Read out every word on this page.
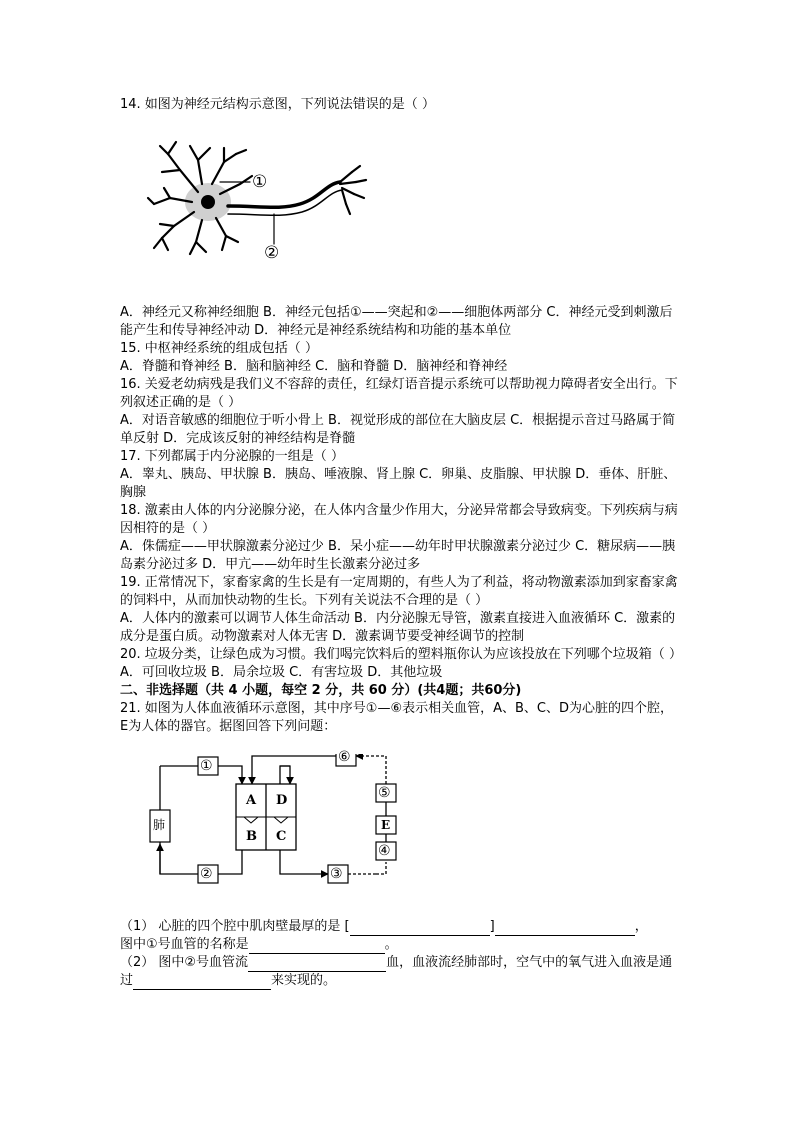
14. 如图为神经元结构示意图，下列说法错误的是（ ）

①
②

A．神经元又称神经细胞 B．神经元包括①——突起和②——细胞体两部分 C．神经元受到刺激后能产生和传导神经冲动 D．神经元是神经系统结构和功能的基本单位

15. 中枢神经系统的组成包括（ ）

A．脊髓和脊神经 B．脑和脑神经 C．脑和脊髓 D．脑神经和脊神经

16. 关爱老幼病残是我们义不容辞的责任，红绿灯语音提示系统可以帮助视力障碍者安全出行。下列叙述正确的是（ ）

A．对语音敏感的细胞位于听小骨上 B．视觉形成的部位在大脑皮层 C．根据提示音过马路属于简单反射 D．完成该反射的神经结构是脊髓

17. 下列都属于内分泌腺的一组是（ ）

A．睾丸、胰岛、甲状腺 B．胰岛、唾液腺、肾上腺 C．卵巢、皮脂腺、甲状腺 D．垂体、肝脏、胸腺

18. 激素由人体的内分泌腺分泌，在人体内含量少作用大，分泌异常都会导致病变。下列疾病与病因相符的是（ ）

A．侏儒症——甲状腺激素分泌过少 B．呆小症——幼年时甲状腺激素分泌过少 C．糖尿病——胰岛素分泌过多 D．甲亢——幼年时生长激素分泌过多

19. 正常情况下，家畜家禽的生长是有一定周期的，有些人为了利益，将动物激素添加到家畜家禽的饲料中，从而加快动物的生长。下列有关说法不合理的是（ ）

A．人体内的激素可以调节人体生命活动 B．内分泌腺无导管，激素直接进入血液循环 C．激素的成分是蛋白质。动物激素对人体无害 D．激素调节要受神经调节的控制

20. 垃圾分类，让绿色成为习惯。我们喝完饮料后的塑料瓶你认为应该投放在下列哪个垃圾箱（ ）

A．可回收垃圾 B．局余垃圾 C．有害垃圾 D．其他垃圾

二、非选择题（共 4 小题，每空 2 分，共 60 分）(共4题；共60分)

21. 如图为人体血液循环示意图，其中序号①—⑥表示相关血管，A、B、C、D为心脏的四个腔，E为人体的器官。据图回答下列问题：

肺
A D
B C
E
①
②	③
④
⑤
⑥

（1） 心脏的四个腔中肌肉壁最厚的是 [	]	，

图中①号血管的名称是	。

（2） 图中②号血管流	血，血液流经肺部时，空气中的氧气进入血液是通过	来实现的。
